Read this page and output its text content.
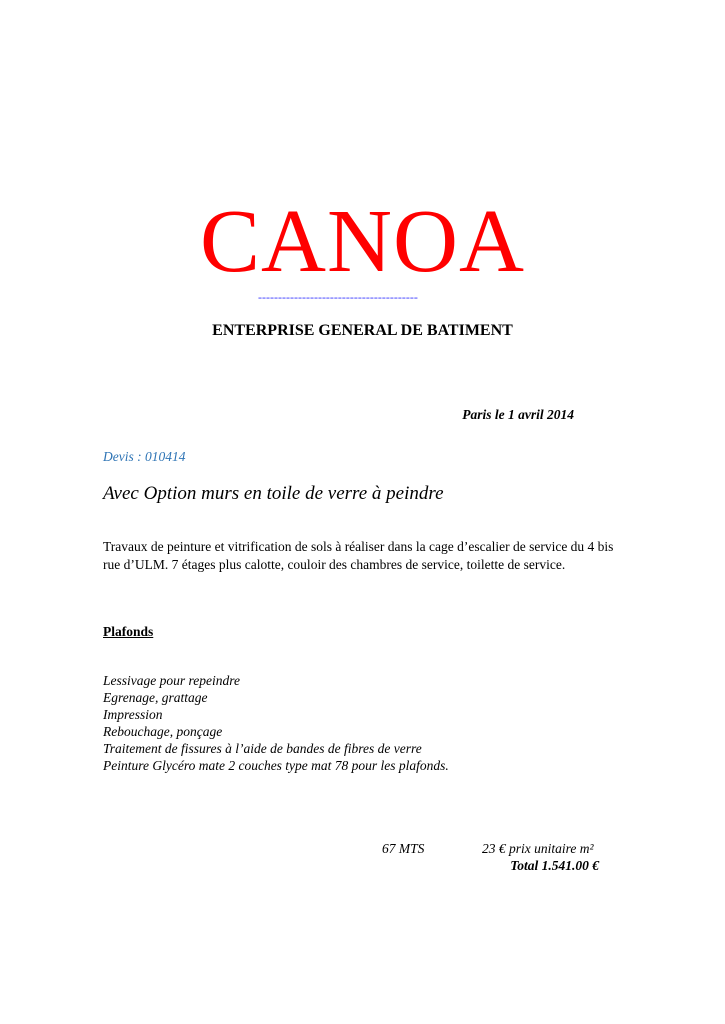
CANOA
----------------------------------------
ENTERPRISE GENERAL DE BATIMENT
Paris le 1 avril 2014
Devis : 010414
Avec Option murs en toile de verre à peindre
Travaux de peinture et vitrification de sols à réaliser dans la cage d’escalier de service du 4 bis rue d’ULM. 7 étages plus calotte, couloir des chambres de service, toilette de service.
Plafonds
Lessivage pour repeindre
Egrenage, grattage
Impression
Rebouchage, ponçage
Traitement de fissures à l’aide de bandes de fibres de verre
Peinture Glycéro mate 2 couches type mat 78 pour les plafonds.
67 MTS	23 € prix unitaire m²
Total 1.541.00 €
